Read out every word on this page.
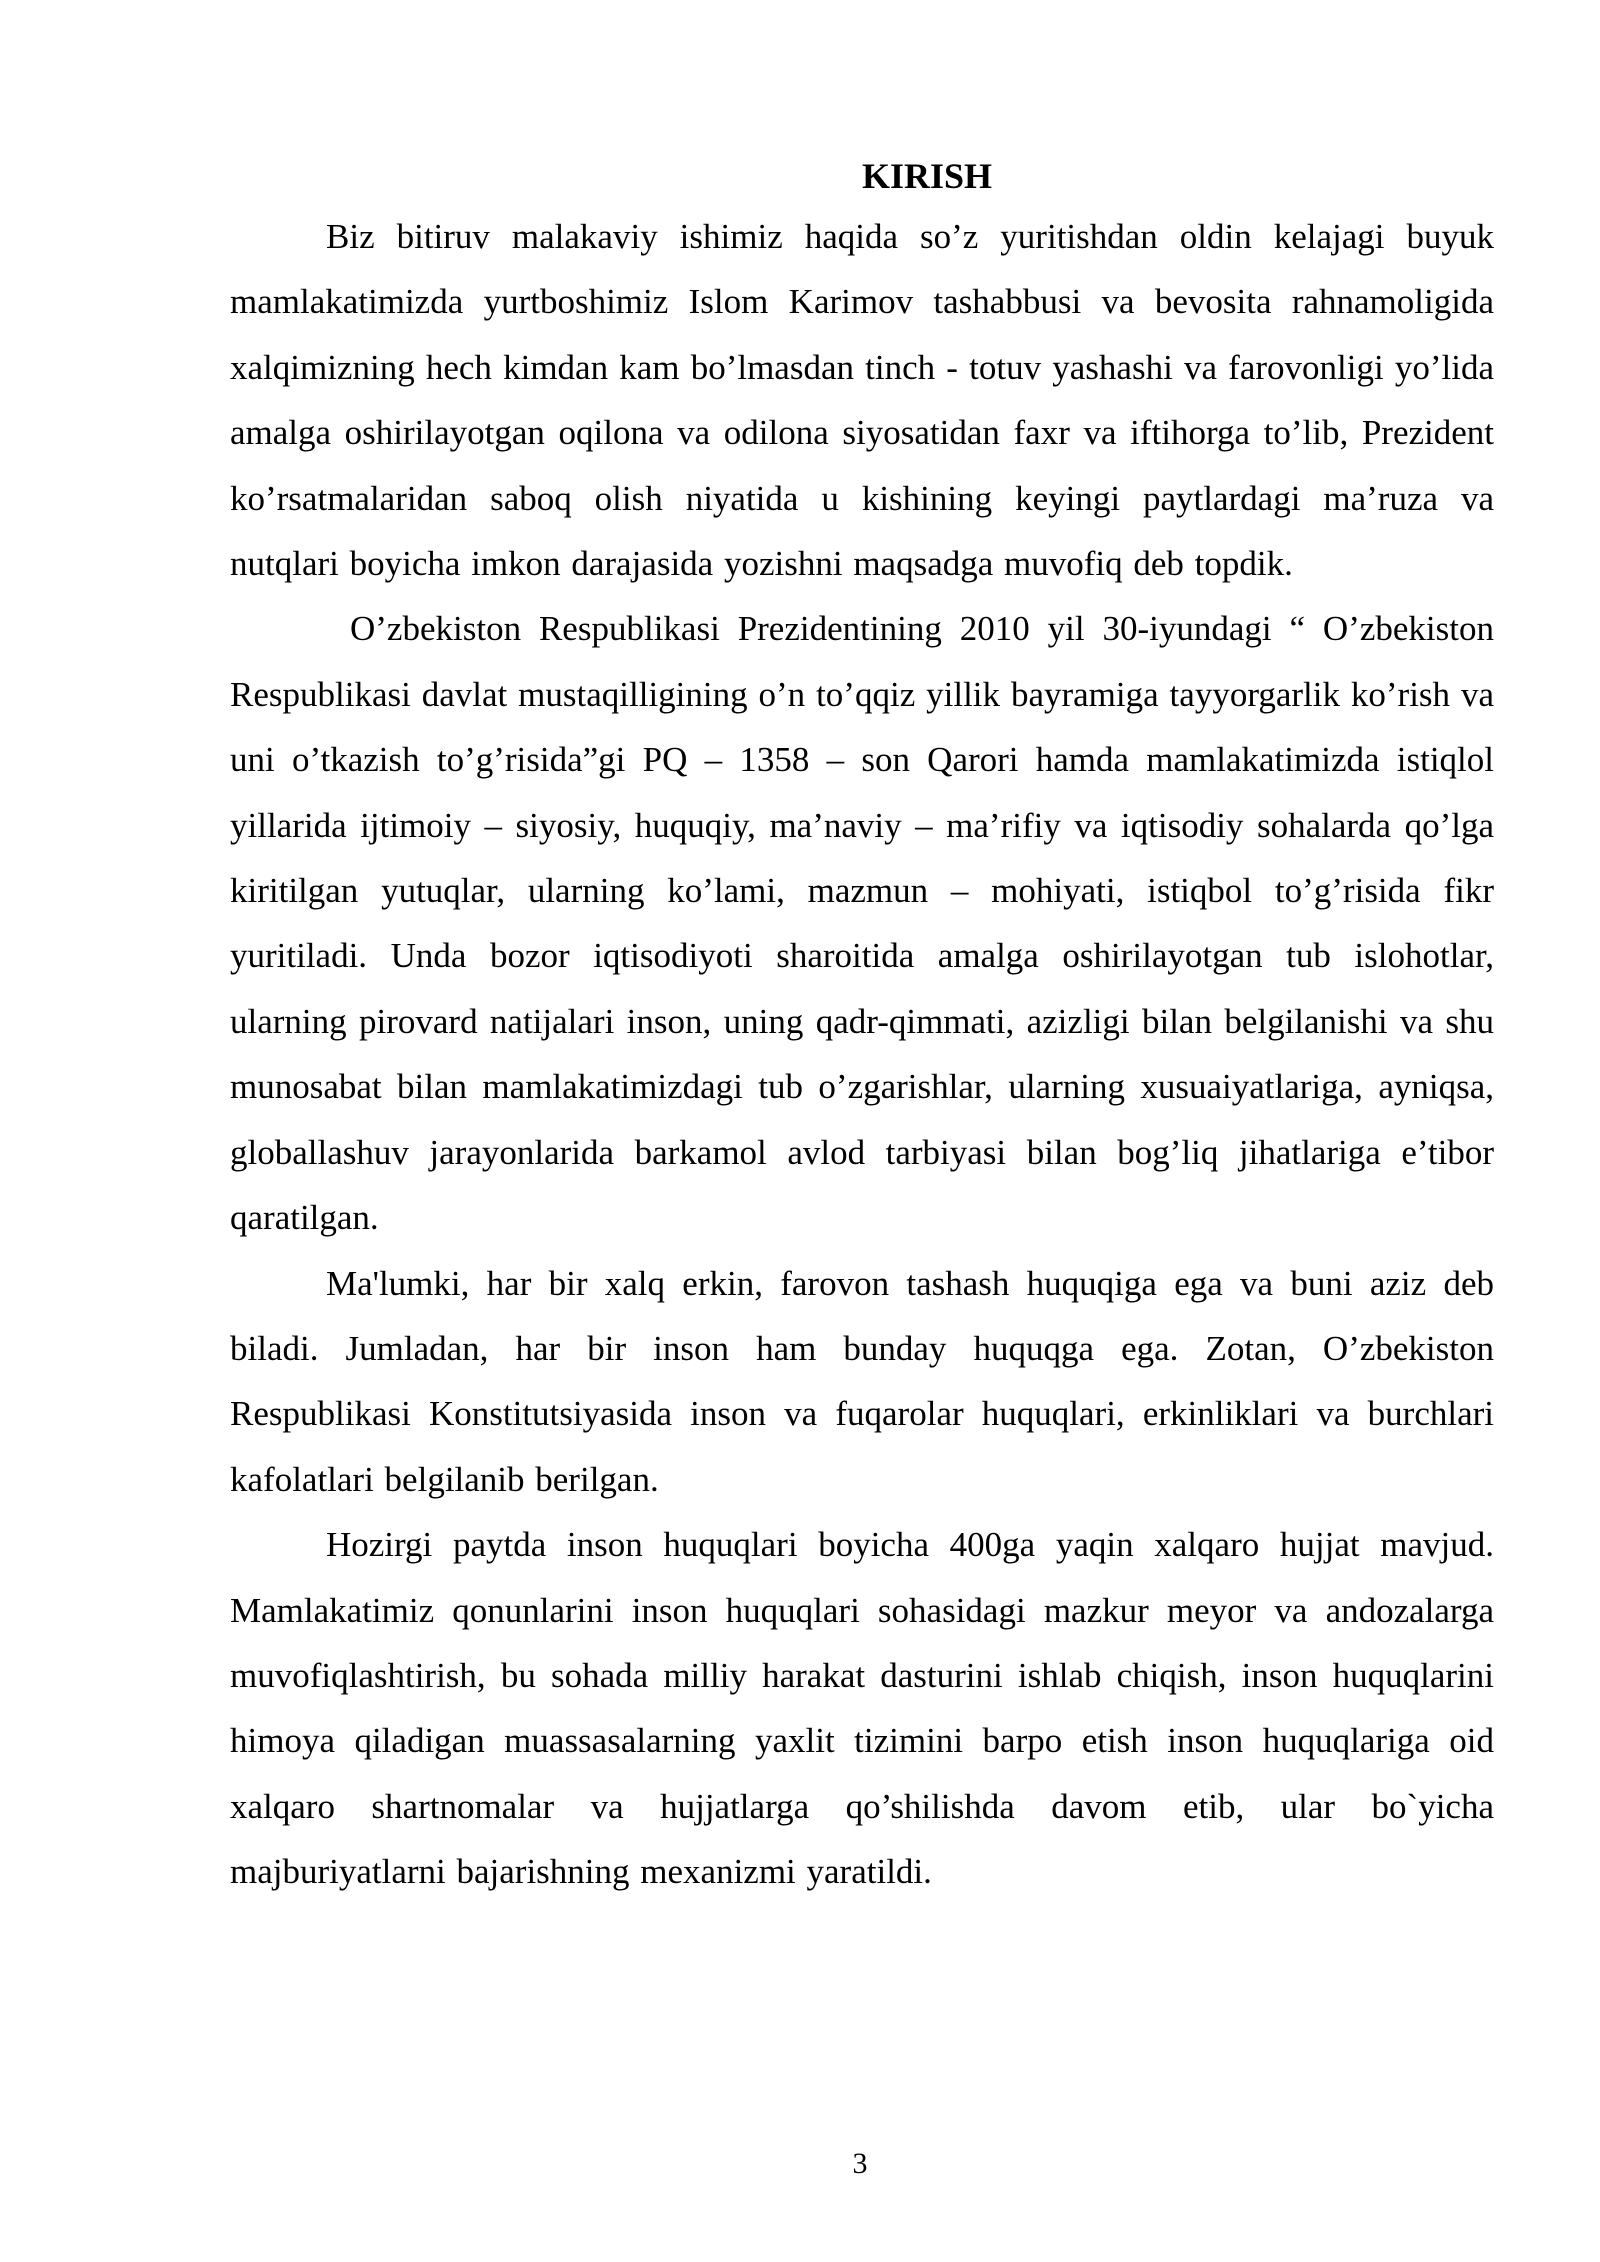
KIRISH

Biz bitiruv malakaviy ishimiz haqida so’z yuritishdan oldin kelajagi buyuk mamlakatimizda yurtboshimiz Islom Karimov tashabbusi va bevosita rahnamoligida xalqimizning hech kimdan kam bo’lmasdan tinch - totuv yashashi va farovonligi yo’lida amalga oshirilayotgan oqilona va odilona siyosatidan faxr va iftihorga to’lib, Prezident ko’rsatmalaridan saboq olish niyatida u kishining keyingi paytlardagi ma’ruza va nutqlari boyicha imkon darajasida yozishni maqsadga muvofiq deb topdik.

O’zbekiston Respublikasi Prezidentining 2010 yil 30-iyundagi “ O’zbekiston Respublikasi davlat mustaqilligining o’n to’qqiz yillik bayramiga tayyorgarlik ko’rish va uni o’tkazish to’g’risida”gi PQ – 1358 – son Qarori hamda mamlakatimizda istiqlol yillarida ijtimoiy – siyosiy, huquqiy, ma’naviy – ma’rifiy va iqtisodiy sohalarda qo’lga kiritilgan yutuqlar, ularning ko’lami, mazmun – mohiyati, istiqbol to’g’risida fikr yuritiladi. Unda bozor iqtisodiyoti sharoitida amalga oshirilayotgan tub islohotlar, ularning pirovard natijalari inson, uning qadr-qimmati, azizligi bilan belgilanishi va shu munosabat bilan mamlakatimizdagi tub o’zgarishlar, ularning xusuaiyatlariga, ayniqsa, globallashuv jarayonlarida barkamol avlod tarbiyasi bilan bog’liq jihatlariga e’tibor qaratilgan.

Ma'lumki, har bir xalq erkin, farovon tashash huquqiga ega va buni aziz deb biladi. Jumladan, har bir inson ham bunday huquqga ega. Zotan, O’zbekiston Respublikasi Konstitutsiyasida inson va fuqarolar huquqlari, erkinliklari va burchlari kafolatlari belgilanib berilgan.

Hozirgi paytda inson huquqlari boyicha 400ga yaqin xalqaro hujjat mavjud. Mamlakatimiz qonunlarini inson huquqlari sohasidagi mazkur meyor va andozalarga muvofiqlashtirish, bu sohada milliy harakat dasturini ishlab chiqish, inson huquqlarini himoya qiladigan muassasalarning yaxlit tizimini barpo etish inson huquqlariga oid xalqaro shartnomalar va hujjatlarga qo’shilishda davom etib, ular bo`yicha majburiyatlarni bajarishning mexanizmi yaratildi.

3
